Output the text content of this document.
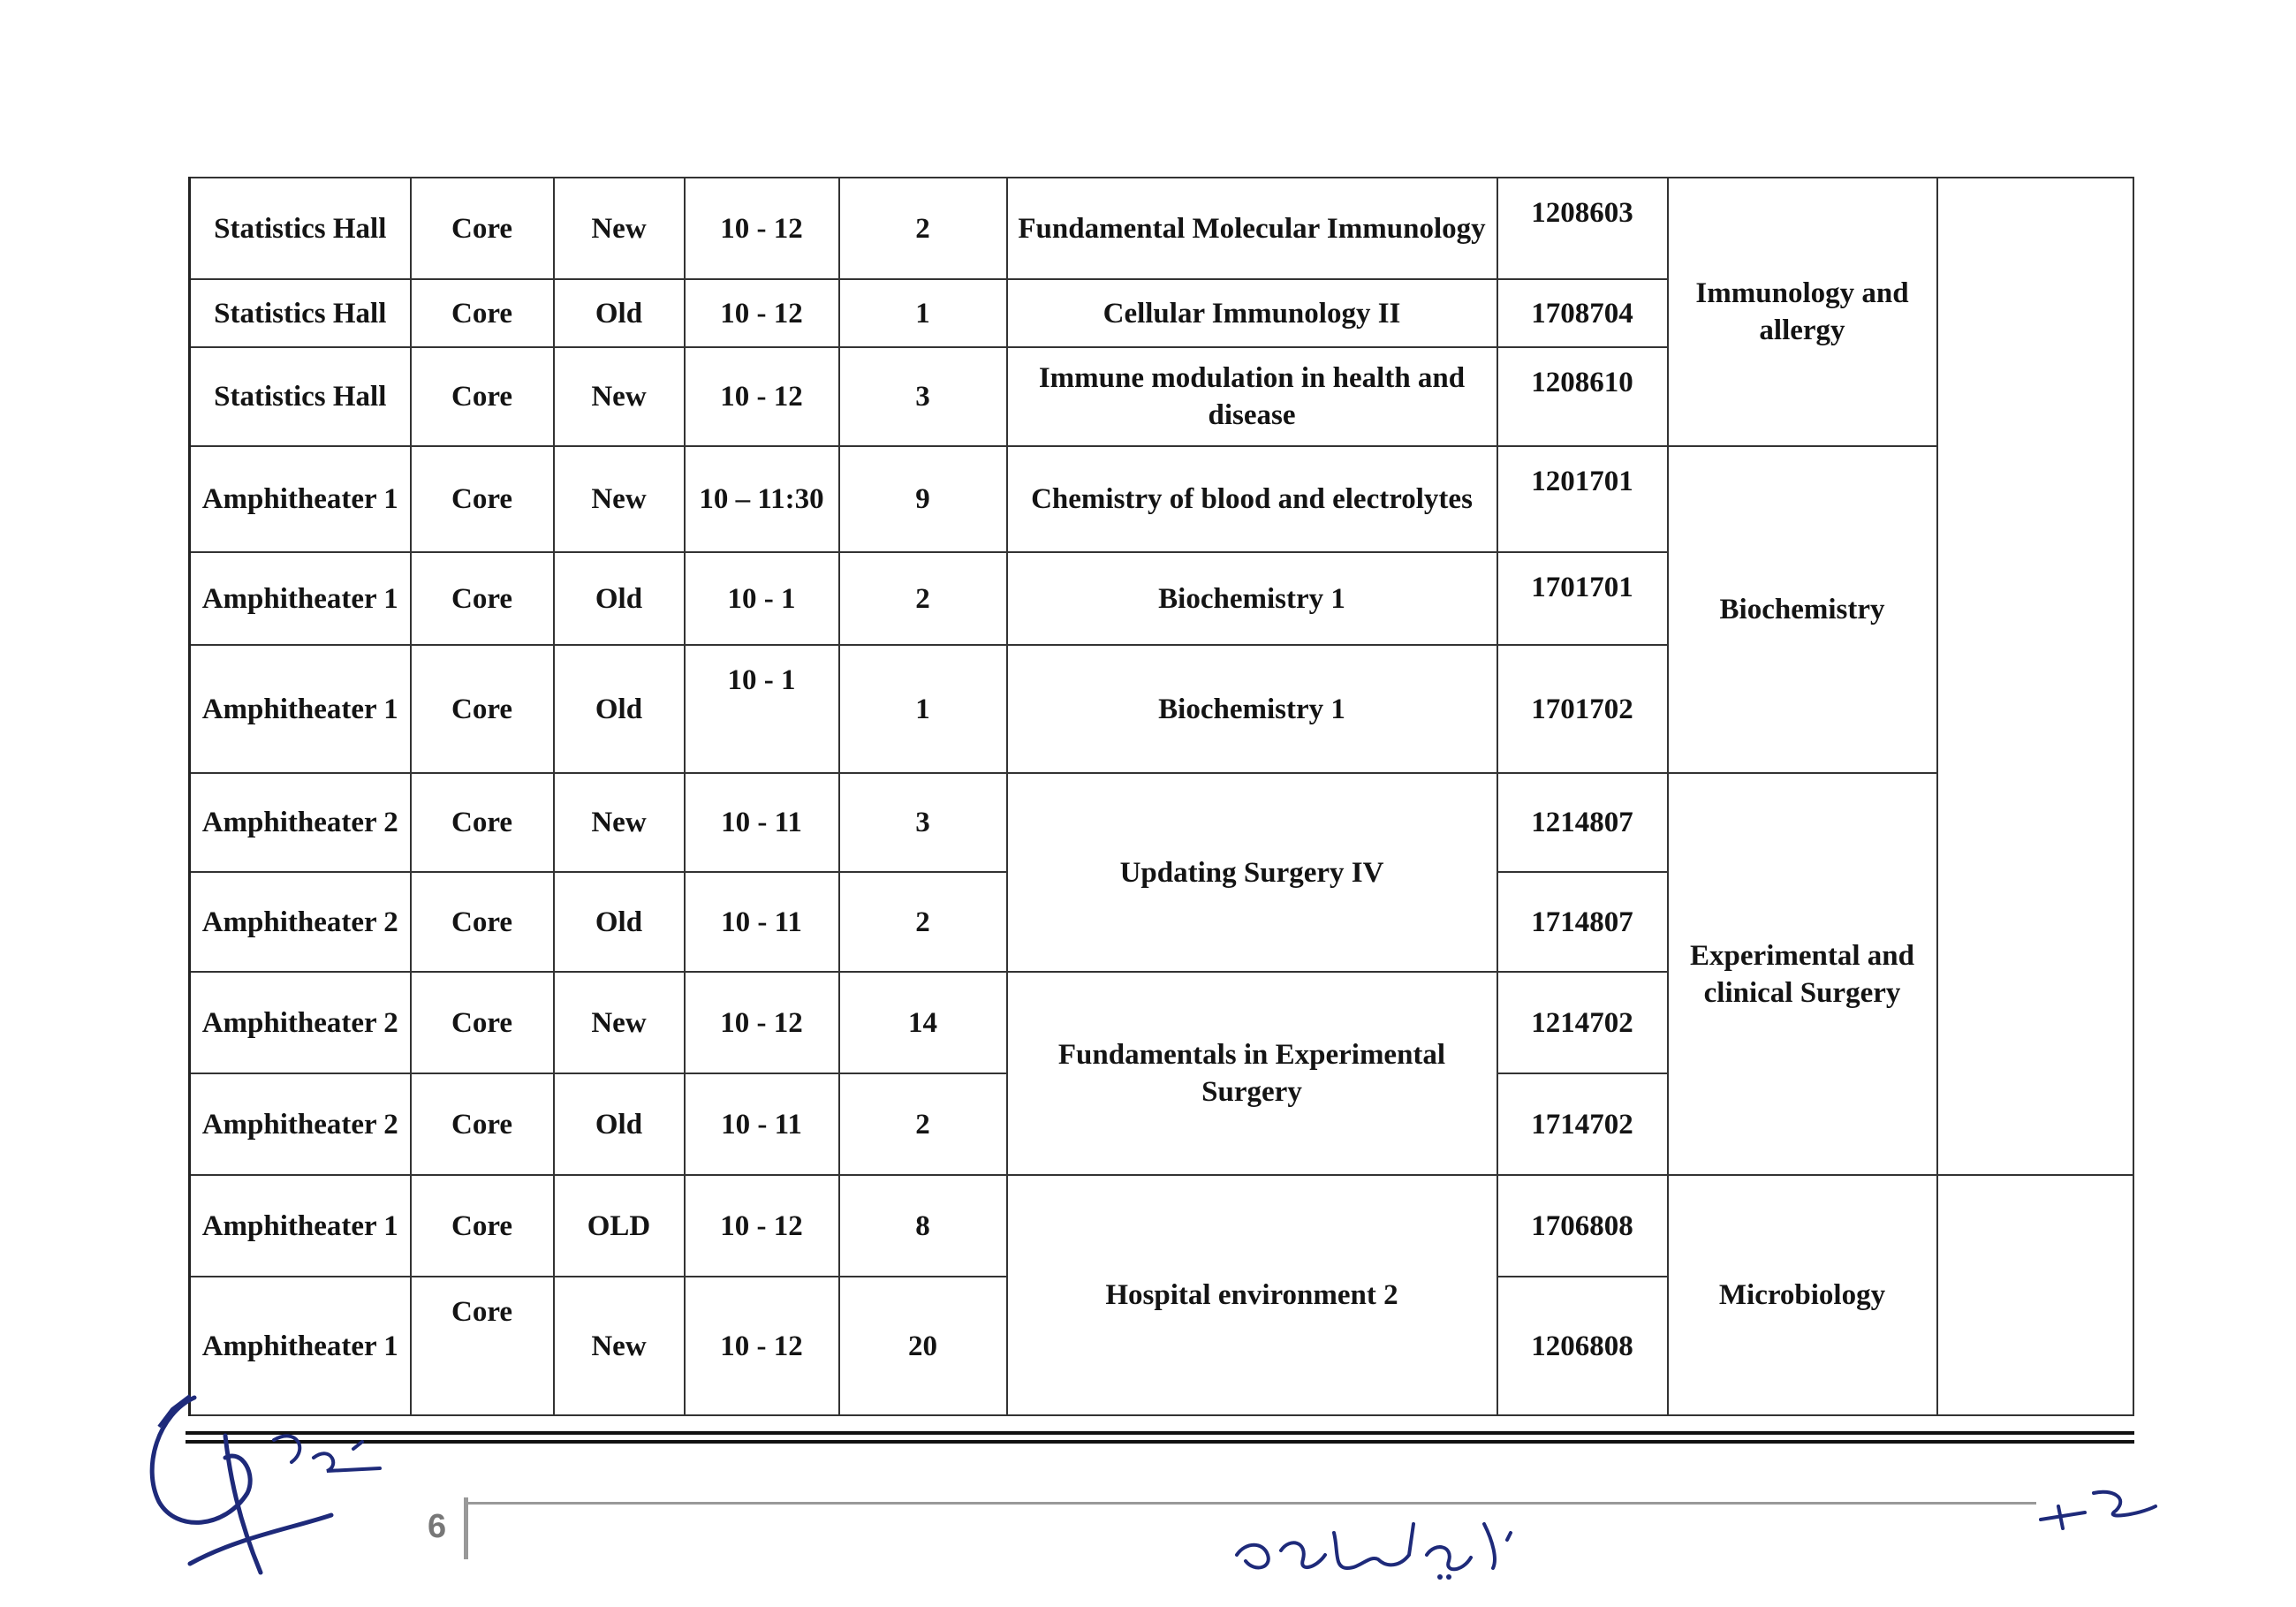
Statistics Hall	Core	New	10 - 12	2	Fundamental Molecular Immunology	1208603	Immunology and allergy	
Statistics Hall	Core	Old	10 - 12	1	Cellular Immunology II	1708704		
Statistics Hall	Core	New	10 - 12	3	Immune modulation in health and disease	1208610		
Amphitheater 1	Core	New	10 – 11:30	9	Chemistry of blood and electrolytes	1201701	Biochemistry	
Amphitheater 1	Core	Old	10 - 1	2	Biochemistry 1	1701701		
Amphitheater 1	Core	Old	10 - 1	1	Biochemistry 1	1701702		
Amphitheater 2	Core	New	10 - 11	3	Updating Surgery IV	1214807	Experimental and clinical Surgery	
Amphitheater 2	Core	Old	10 - 11	2		1714807		
Amphitheater 2	Core	New	10 - 12	14	Fundamentals in Experimental Surgery	1214702		
Amphitheater 2	Core	Old	10 - 11	2		1714702		
Amphitheater 1	Core	OLD	10 - 12	8	Hospital environment 2	1706808	Microbiology	
Amphitheater 1	Core	New	10 - 12	20		1206808		
6
